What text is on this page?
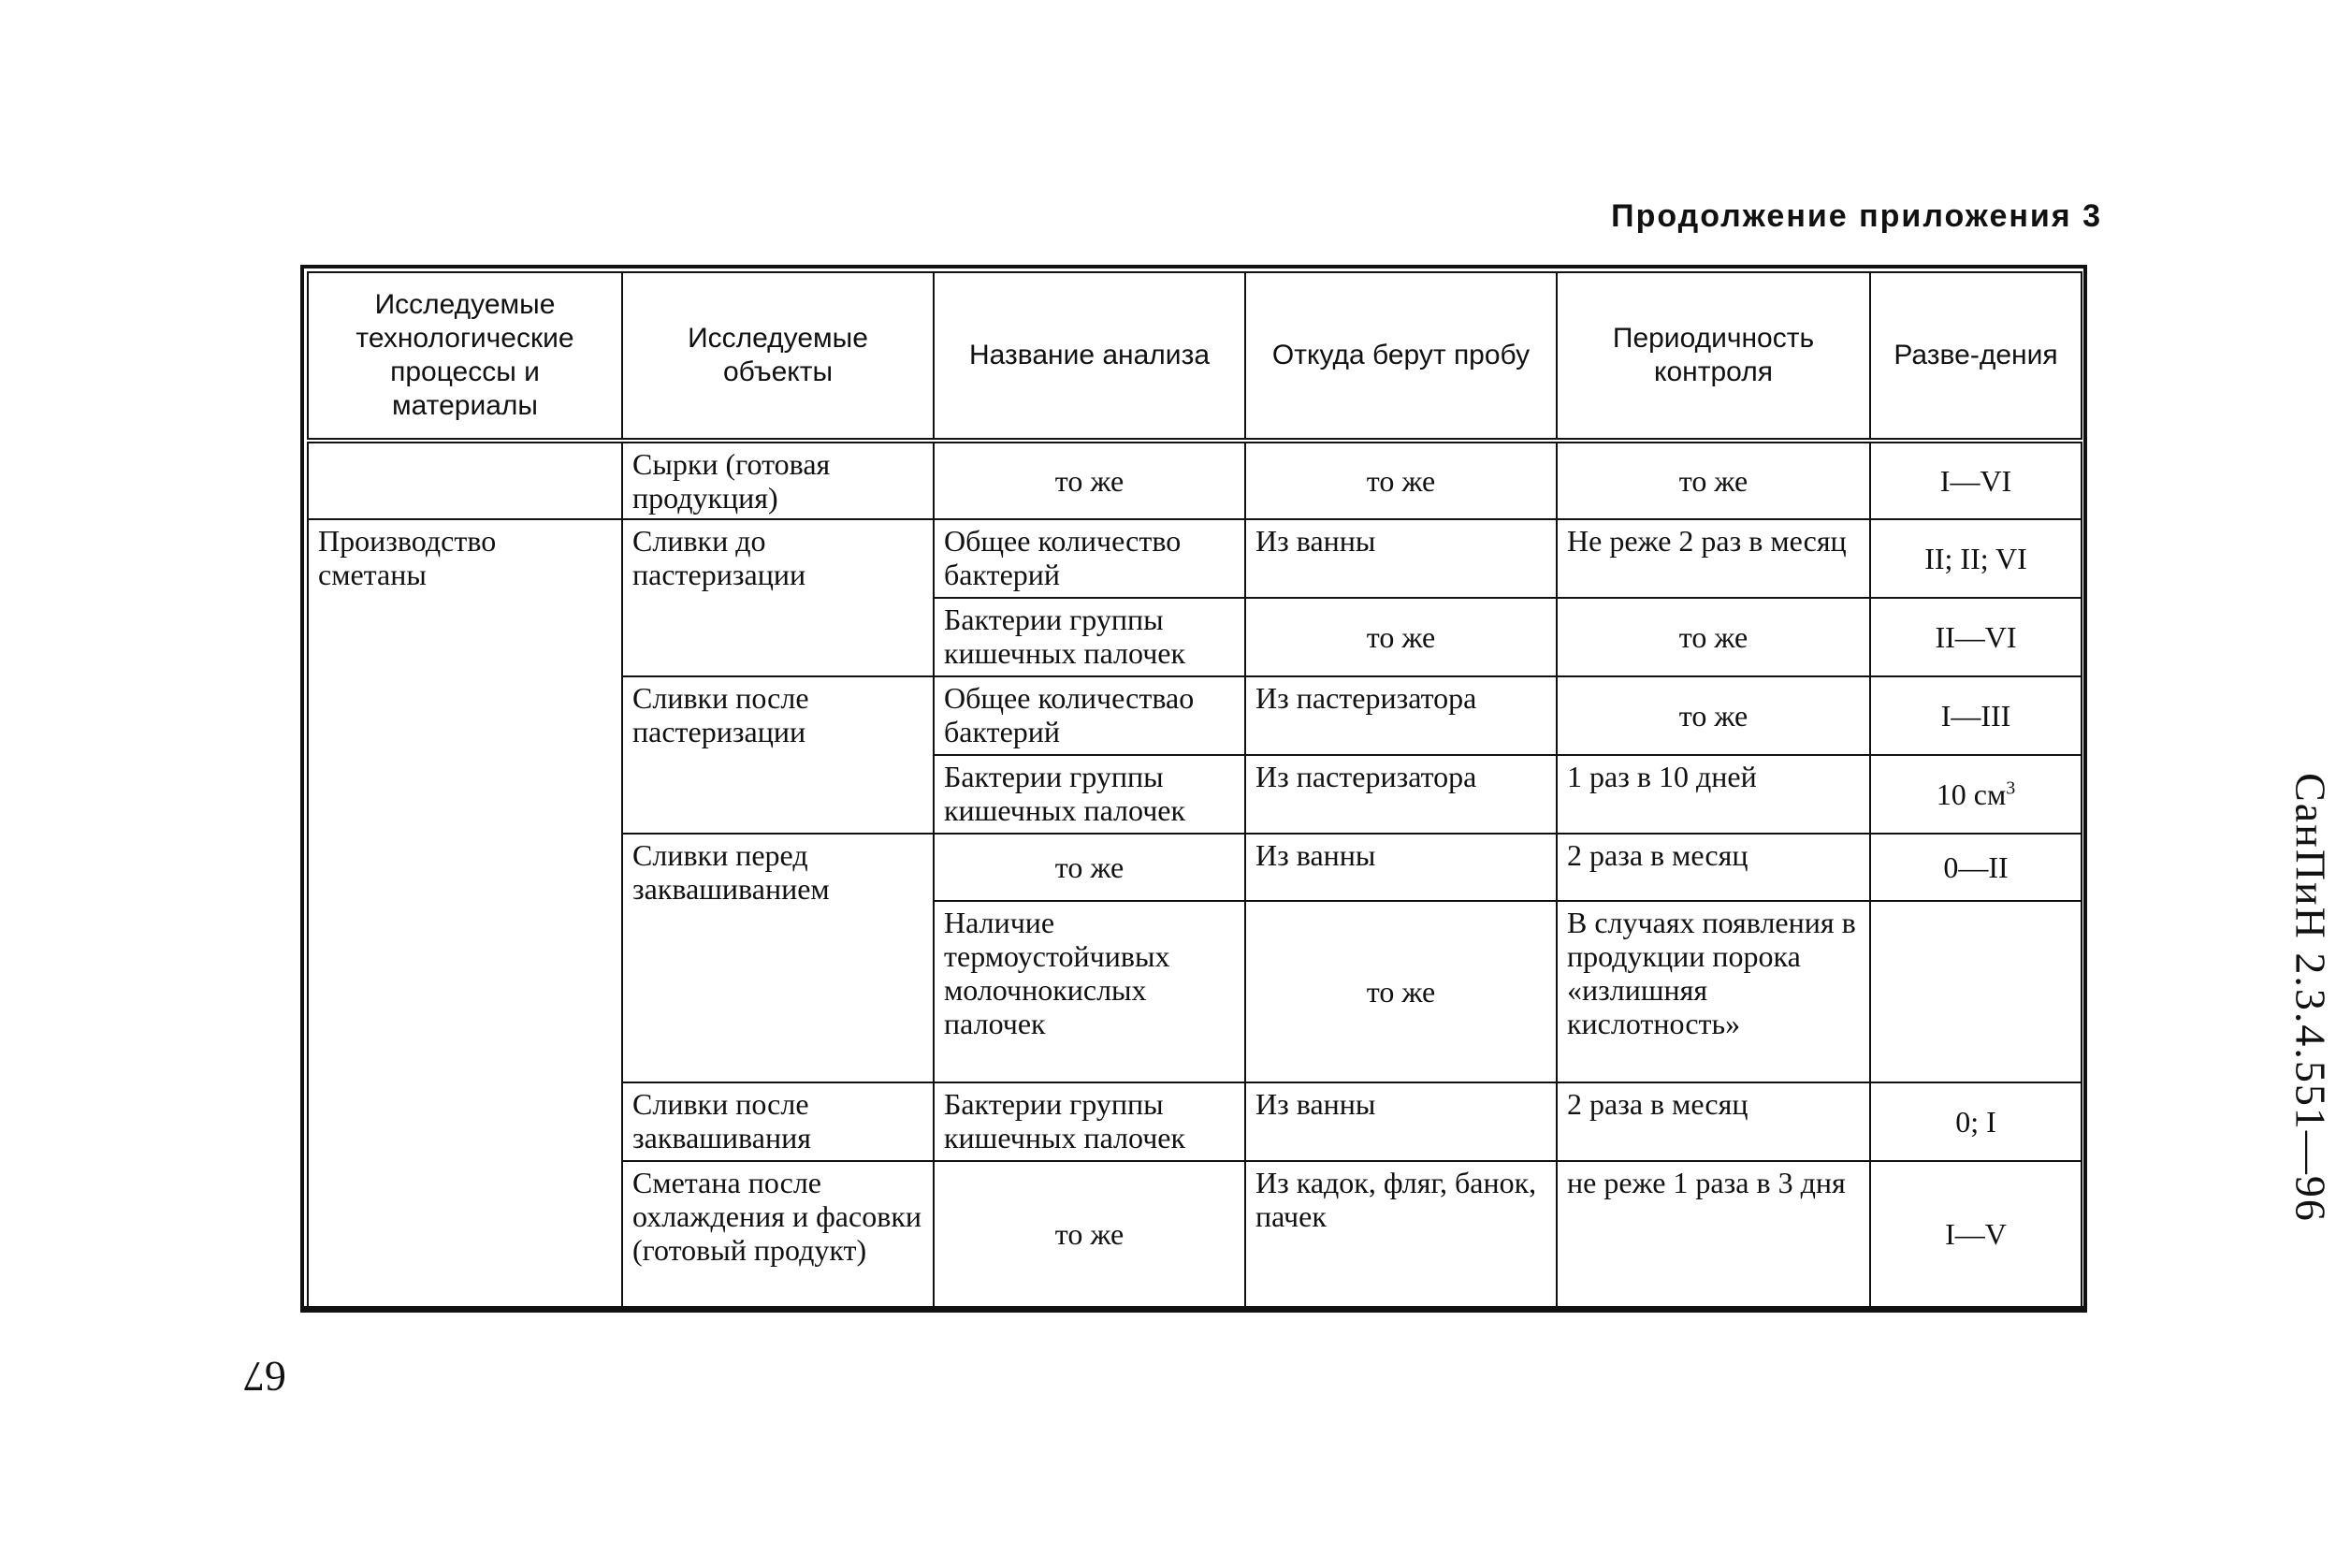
Продолжение приложения 3
Исследуемые технологические процессы и материалы	Исследуемые объекты	Название анализа	Откуда берут пробу	Периодичность контроля	Разве-дения
	Сырки (готовая продукция)	то же	то же	то же	I—VI
Производство сметаны	Сливки до пастеризации	Общее количество бактерий	Из ванны	Не реже 2 раз в месяц	II; II; VI
		Бактерии группы кишечных палочек	то же	то же	II—VI
	Сливки после пастеризации	Общее количествао бактерий	Из пастеризатора	то же	I—III
		Бактерии группы кишечных палочек	Из пастеризатора	1 раз в 10 дней	10 $см^3$
	Сливки перед заквашиванием	то же	Из ванны	2 раза в месяц	0—II
		Наличие термоустойчивых молочнокислых палочек	то же	В случаях появления в продукции порока «излишняя кислотность»	
	Сливки после заквашивания	Бактерии группы кишечных палочек	Из ванны	2 раза в месяц	0; I
	Сметана после охлаждения и фасовки (готовый продукт)	то же	Из кадок, фляг, банок, пачек	не реже 1 раза в 3 дня	I—V
СанПиН 2.3.4.551—96
67
